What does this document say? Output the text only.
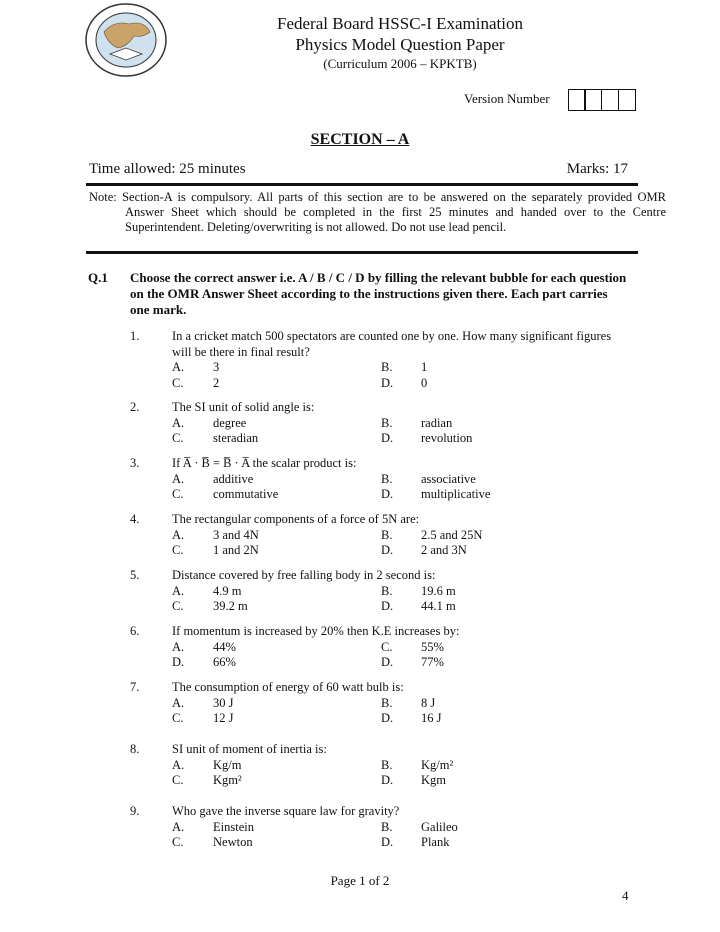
Federal Board HSSC-I Examination
Physics Model Question Paper
(Curriculum 2006 – KPKTB)
Version Number
SECTION – A
Time allowed: 25 minutes	Marks: 17
Note: Section-A is compulsory. All parts of this section are to be answered on the separately provided OMR Answer Sheet which should be completed in the first 25 minutes and handed over to the Centre Superintendent. Deleting/overwriting is not allowed. Do not use lead pencil.
Q.1 Choose the correct answer i.e. A / B / C / D by filling the relevant bubble for each question on the OMR Answer Sheet according to the instructions given there. Each part carries one mark.
1.	In a cricket match 500 spectators are counted one by one. How many significant figures will be there in final result?
A. 3	B. 1
C. 2	D. 0
2.	The SI unit of solid angle is:
A. degree	B. radian
C. steradian	D. revolution
3.	If A̅ · B̅ = B̅ · A̅ the scalar product is:
A. additive	B. associative
C. commutative	D. multiplicative
4.	The rectangular components of a force of 5N are:
A. 3 and 4N	B. 2.5 and 25N
C. 1 and 2N	D. 2 and 3N
5.	Distance covered by free falling body in 2 second is:
A. 4.9 m	B. 19.6 m
C. 39.2 m	D. 44.1 m
6.	If momentum is increased by 20% then K.E increases by:
A. 44%	C. 55%
D. 66%	D. 77%
7.	The consumption of energy of 60 watt bulb is:
A. 30 J	B. 8 J
C. 12 J	D. 16 J
8.	SI unit of moment of inertia is:
A. Kg/m	B. Kg/m²
C. Kgm²	D. Kgm
9.	Who gave the inverse square law for gravity?
A. Einstein	B. Galileo
C. Newton	D. Plank
Page 1 of 2
4
